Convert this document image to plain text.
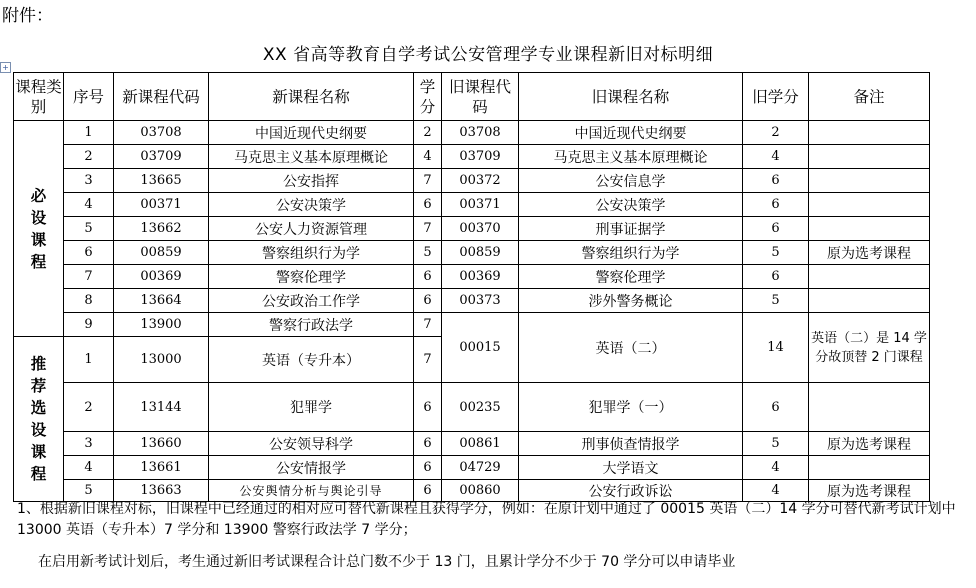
附件：
XX 省高等教育自学考试公安管理学专业课程新旧对标明细
+
课程类别	序号	新课程代码	新课程名称	学分	旧课程代码	旧课程名称	旧学分	备注
必设课程	1	03708	中国近现代史纲要	2	03708	中国近现代史纲要	2	
	2	03709	马克思主义基本原理概论	4	03709	马克思主义基本原理概论	4	
	3	13665	公安指挥	7	00372	公安信息学	6	
	4	00371	公安决策学	6	00371	公安决策学	6	
	5	13662	公安人力资源管理	7	00370	刑事证据学	6	
	6	00859	警察组织行为学	5	00859	警察组织行为学	5	原为选考课程
	7	00369	警察伦理学	6	00369	警察伦理学	6	
	8	13664	公安政治工作学	6	00373	涉外警务概论	5	
	9	13900	警察行政法学	7	00015	英语（二）	14	英语（二）是 14 学分故顶替 2 门课程
推荐选设课程	1	13000	英语（专升本）	7				
	2	13144	犯罪学	6	00235	犯罪学（一）	6	
	3	13660	公安领导科学	6	00861	刑事侦查情报学	5	原为选考课程
	4	13661	公安情报学	6	04729	大学语文	4	
	5	13663	公安舆情分析与舆论引导	6	00860	公安行政诉讼	4	原为选考课程
1、根据新旧课程对标，旧课程中已经通过的相对应可替代新课程且获得学分，例如：在原计划中通过了 00015 英语（二）14 学分可替代新考试计划中 13000 英语（专升本）7 学分和 13900 警察行政法学 7 学分；
在启用新考试计划后，考生通过新旧考试课程合计总门数不少于 13 门，且累计学分不少于 70 学分可以申请毕业
